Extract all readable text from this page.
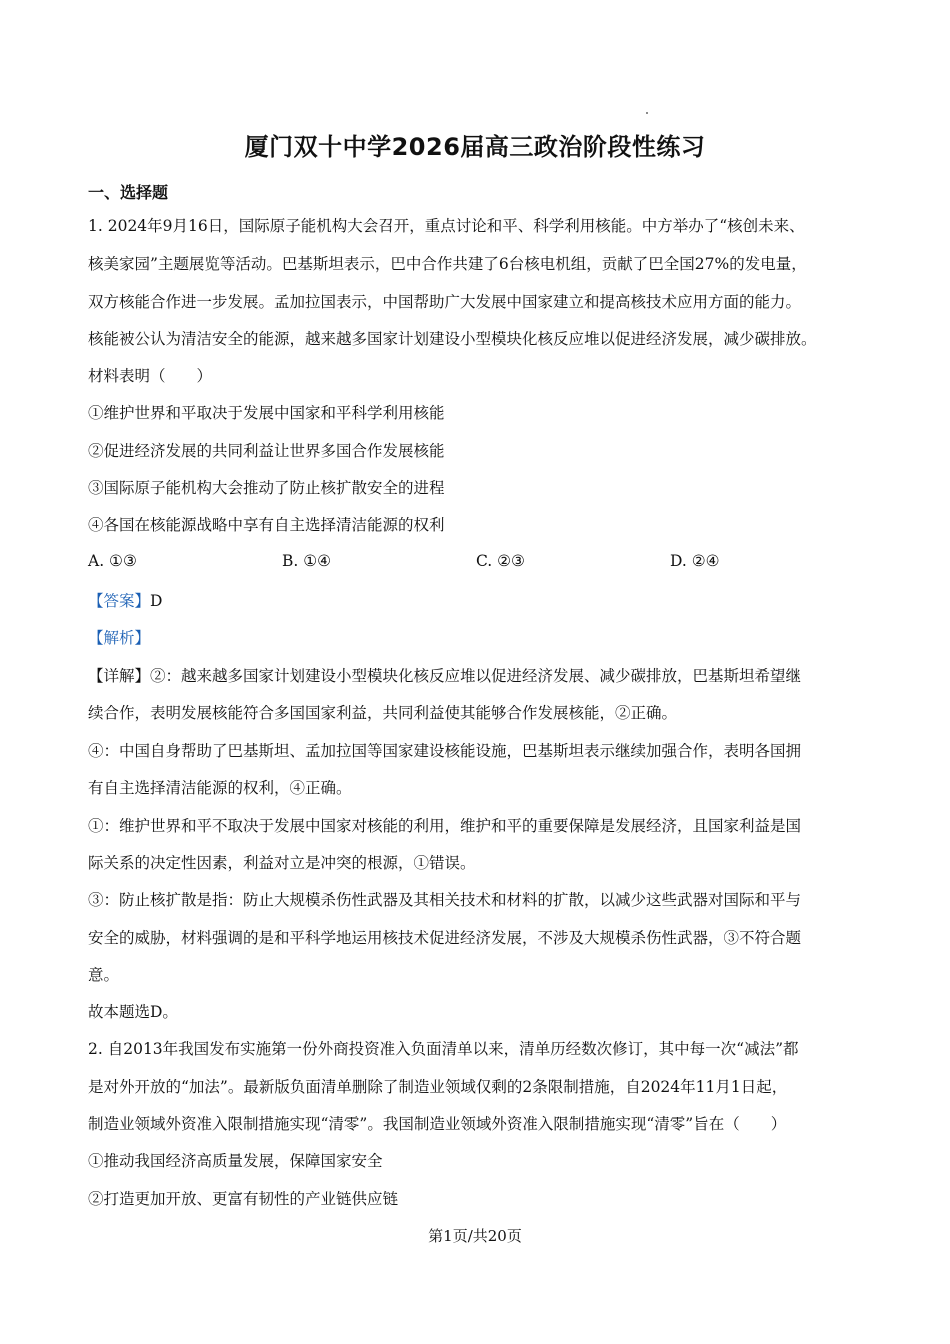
厦门双十中学2026届高三政治阶段性练习
一、选择题
1. 2024年9月16日，国际原子能机构大会召开，重点讨论和平、科学利用核能。中方举办了“核创未来、
核美家园”主题展览等活动。巴基斯坦表示，巴中合作共建了6台核电机组，贡献了巴全国27%的发电量，
双方核能合作进一步发展。孟加拉国表示，中国帮助广大发展中国家建立和提高核技术应用方面的能力。
核能被公认为清洁安全的能源，越来越多国家计划建设小型模块化核反应堆以促进经济发展，减少碳排放。
材料表明（　　）
①维护世界和平取决于发展中国家和平科学利用核能
②促进经济发展的共同利益让世界多国合作发展核能
③国际原子能机构大会推动了防止核扩散安全的进程
④各国在核能源战略中享有自主选择清洁能源的权利
A. ①③	B. ①④	C. ②③	D. ②④
【答案】D
【解析】
【详解】②：越来越多国家计划建设小型模块化核反应堆以促进经济发展、减少碳排放，巴基斯坦希望继
续合作，表明发展核能符合多国国家利益，共同利益使其能够合作发展核能，②正确。
④：中国自身帮助了巴基斯坦、孟加拉国等国家建设核能设施，巴基斯坦表示继续加强合作，表明各国拥
有自主选择清洁能源的权利，④正确。
①：维护世界和平不取决于发展中国家对核能的利用，维护和平的重要保障是发展经济，且国家利益是国
际关系的决定性因素，利益对立是冲突的根源，①错误。
③：防止核扩散是指：防止大规模杀伤性武器及其相关技术和材料的扩散，以减少这些武器对国际和平与
安全的威胁，材料强调的是和平科学地运用核技术促进经济发展，不涉及大规模杀伤性武器，③不符合题
意。
故本题选D。
2. 自2013年我国发布实施第一份外商投资准入负面清单以来，清单历经数次修订，其中每一次“减法”都
是对外开放的“加法”。最新版负面清单删除了制造业领域仅剩的2条限制措施，自2024年11月1日起，
制造业领域外资准入限制措施实现“清零”。我国制造业领域外资准入限制措施实现“清零”旨在（　　）
①推动我国经济高质量发展，保障国家安全
②打造更加开放、更富有韧性的产业链供应链
第1页/共20页
